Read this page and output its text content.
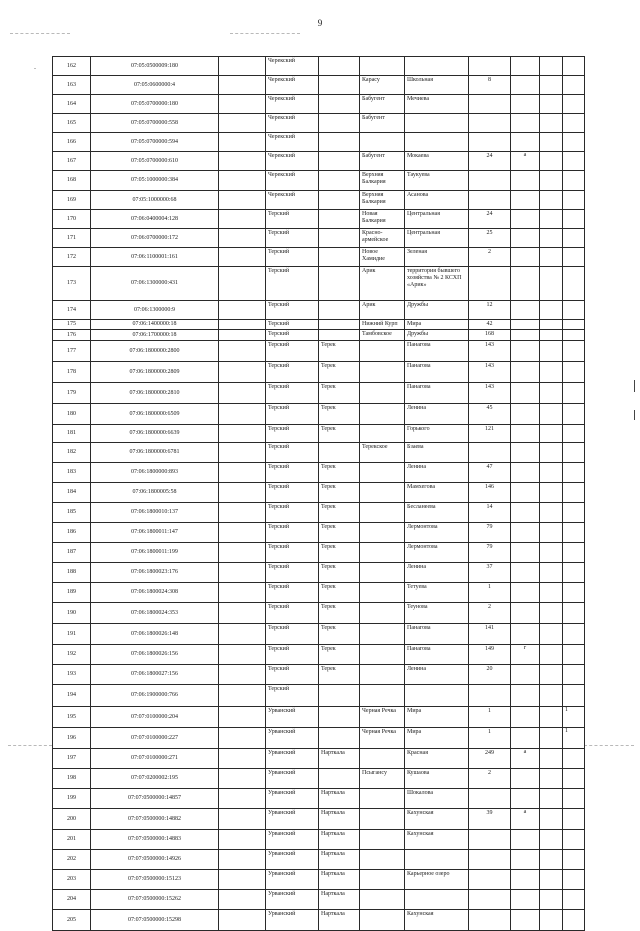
9
.	162	07:05:0500009:180		Черекский							
163	07:05:0600000:4		Черекский		Карасу	Школьная	8			
164	07:05:0700000:180		Черекский		Бабугент	Мечиева				
165	07:05:0700000:558		Черекский		Бабугент					
166	07:05:0700000:594		Черекский							
167	07:05:0700000:610		Черекский		Бабугент	Мокаева	24	а		
168	07:05:1000000:384		Черекский		Верхняя Балкария	Таукуева				
169	07:05:1000000:68		Черекский		Верхняя Балкария	Асанова				
170	07:06:0400004:128		Терский		Новая Балкария	Центральная	24			
171	07:06:0700000:172		Терский		Красно-армейское	Центральная	25			
172	07:06:1100001:161		Терский		Новое Хамидие	Зеленая	2			
173	07:06:1300000:431		Терский		Арик	территория бывшего хозяйства № 2 КСХП «Арик»				
174	07:06:1300000:9		Терский		Арик	Дружбы	12			
175	07:06:1400000:18		Терский		Нижний Курп	Мира	42			
176	07:06:1700000:18		Терский		Тамбовское	Дружбы	168			
177	07:06:1800000:2800		Терский	Терек		Панагова	143			
178	07:06:1800000:2809		Терский	Терек		Панагова	143			
179	07:06:1800000:2810		Терский	Терек		Панагова	143			
180	07:06:1800000:6509		Терский	Терек		Ленина	45			
181	07:06:1800000:6639		Терский	Терек		Горького	121			
182	07:06:1800000:6781		Терский		Терекское	Бзаева				
183	07:06:1800000:893		Терский	Терек		Ленина	47			
184	07:06:1800005:58		Терский	Терек		Мамхегова	146			
185	07:06:1800010:137		Терский	Терек		Бесланеева	14			
186	07:06:1800011:147		Терский	Терек		Лермонтова	79			
187	07:06:1800011:199		Терский	Терек		Лермонтова	79			
188	07:06:1800023:176		Терский	Терек		Ленина	37			
189	07:06:1800024:308		Терский	Терек		Тетуева	1			
190	07:06:1800024:353		Терский	Терек		Теунова	2			
191	07:06:1800026:148		Терский	Терек		Панагова	141			
192	07:06:1800026:156		Терский	Терек		Панагова	149	г		
193	07:06:1800027:156		Терский	Терек		Ленина	20			
194	07:06:1900000:766		Терский							
195	07:07:0100000:204		Урванский		Черная Речка	Мира	1			1
196	07:07:0100000:227		Урванский		Черная Речка	Мира	1			1
197	07:07:0100000:271		Урванский	Нарткала		Красная	249	а		
198	07:07:0200002:195		Урванский		Псыгансу	Кушаова	2			
199	07:07:0500000:14857		Урванский	Нарткала		Шокалова				
200	07:07:0500000:14882		Урванский	Нарткала		Кахунская	39	а		
201	07:07:0500000:14883		Урванский	Нарткала		Кахунская				
202	07:07:0500000:14926		Урванский	Нарткала						
203	07:07:0500000:15123		Урванский	Нарткала		Карьерное озеро				
204	07:07:0500000:15262		Урванский	Нарткала						
205	07:07:0500000:15298		Урванский	Нарткала		Кахунская				
